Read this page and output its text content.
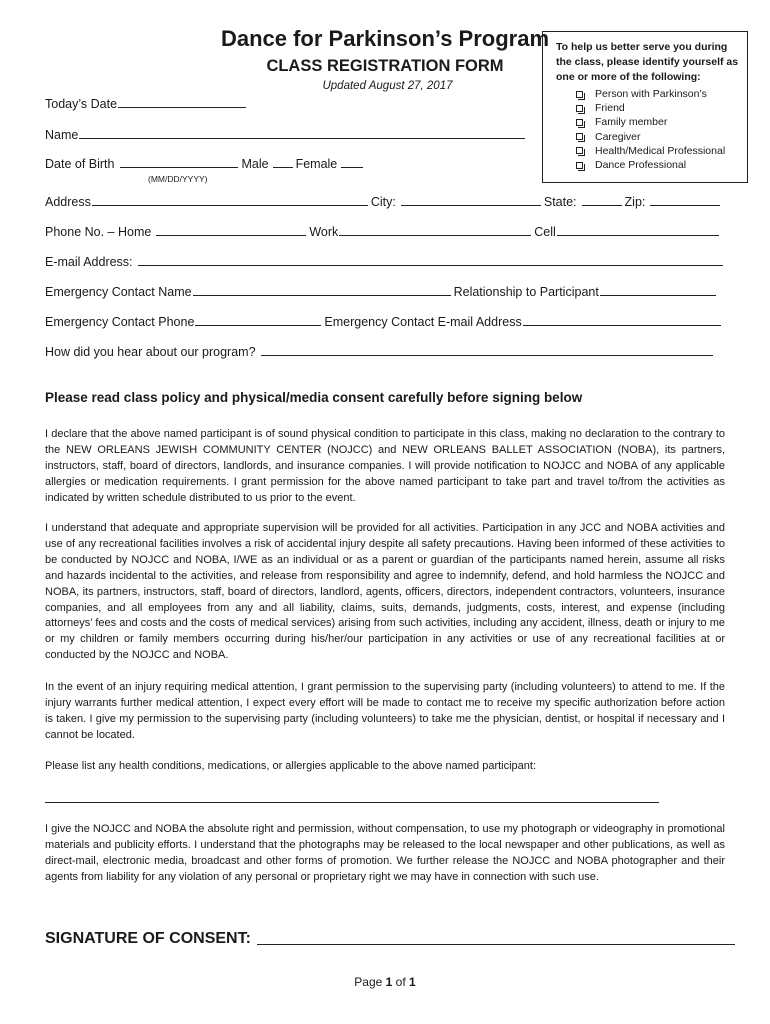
Dance for Parkinson’s Program
CLASS REGISTRATION FORM
Updated August 27, 2017
To help us better serve you during the class, please identify yourself as one or more of the following:
Person with Parkinson’s
Friend
Family member
Caregiver
Health/Medical Professional
Dance Professional
Today’s Date
Name
Date of Birth	Male Female
(MM/DD/YYYY)
Address	City:	State:	Zip:
Phone No. – Home	Work	Cell
E-mail Address:
Emergency Contact Name	Relationship to Participant
Emergency Contact Phone	Emergency Contact E-mail Address
How did you hear about our program?
Please read class policy and physical/media consent carefully before signing below

I declare that the above named participant is of sound physical condition to participate in this class, making no declaration to the contrary to the NEW ORLEANS JEWISH COMMUNITY CENTER (NOJCC) and NEW ORLEANS BALLET ASSOCIATION (NOBA), its partners, instructors, staff, board of directors, landlords, and insurance companies. I will provide notification to NOJCC and NOBA of any applicable allergies or medication requirements. I grant permission for the above named participant to take part and travel to/from the activities as indicated by written schedule distributed to us prior to the event.

I understand that adequate and appropriate supervision will be provided for all activities. Participation in any JCC and NOBA activities and use of any recreational facilities involves a risk of accidental injury despite all safety precautions. Having been informed of these activities to be conducted by NOJCC and NOBA, I/WE as an individual or as a parent or guardian of the participants named herein, assume all risks and hazards incidental to the activities, and release from responsibility and agree to indemnify, defend, and hold harmless the NOJCC and NOBA, its partners, instructors, staff, board of directors, landlord, agents, officers, directors, independent contractors, volunteers, insurance companies, and all employees from any and all liability, claims, suits, demands, judgments, costs, interest, and expense (including attorneys’ fees and costs and the costs of medical services) arising from such activities, including any accident, illness, death or injury to me or my children or family members occurring during his/her/our participation in any activities or use of any recreational facilities at or conducted by the NOJCC and NOBA.

In the event of an injury requiring medical attention, I grant permission to the supervising party (including volunteers) to attend to me. If the injury warrants further medical attention, I expect every effort will be made to contact me to receive my specific authorization before action is taken. I give my permission to the supervising party (including volunteers) to take me the physician, dentist, or hospital if necessary and I cannot be located.

Please list any health conditions, medications, or allergies applicable to the above named participant:

I give the NOJCC and NOBA the absolute right and permission, without compensation, to use my photograph or videography in promotional materials and publicity efforts. I understand that the photographs may be released to the local newspaper and other publications, as well as direct-mail, electronic media, broadcast and other forms of promotion. We further release the NOJCC and NOBA photographer and their agents from liability for any violation of any personal or proprietary right we may have in connection with such use.

SIGNATURE OF CONSENT:
Page 1 of 1
